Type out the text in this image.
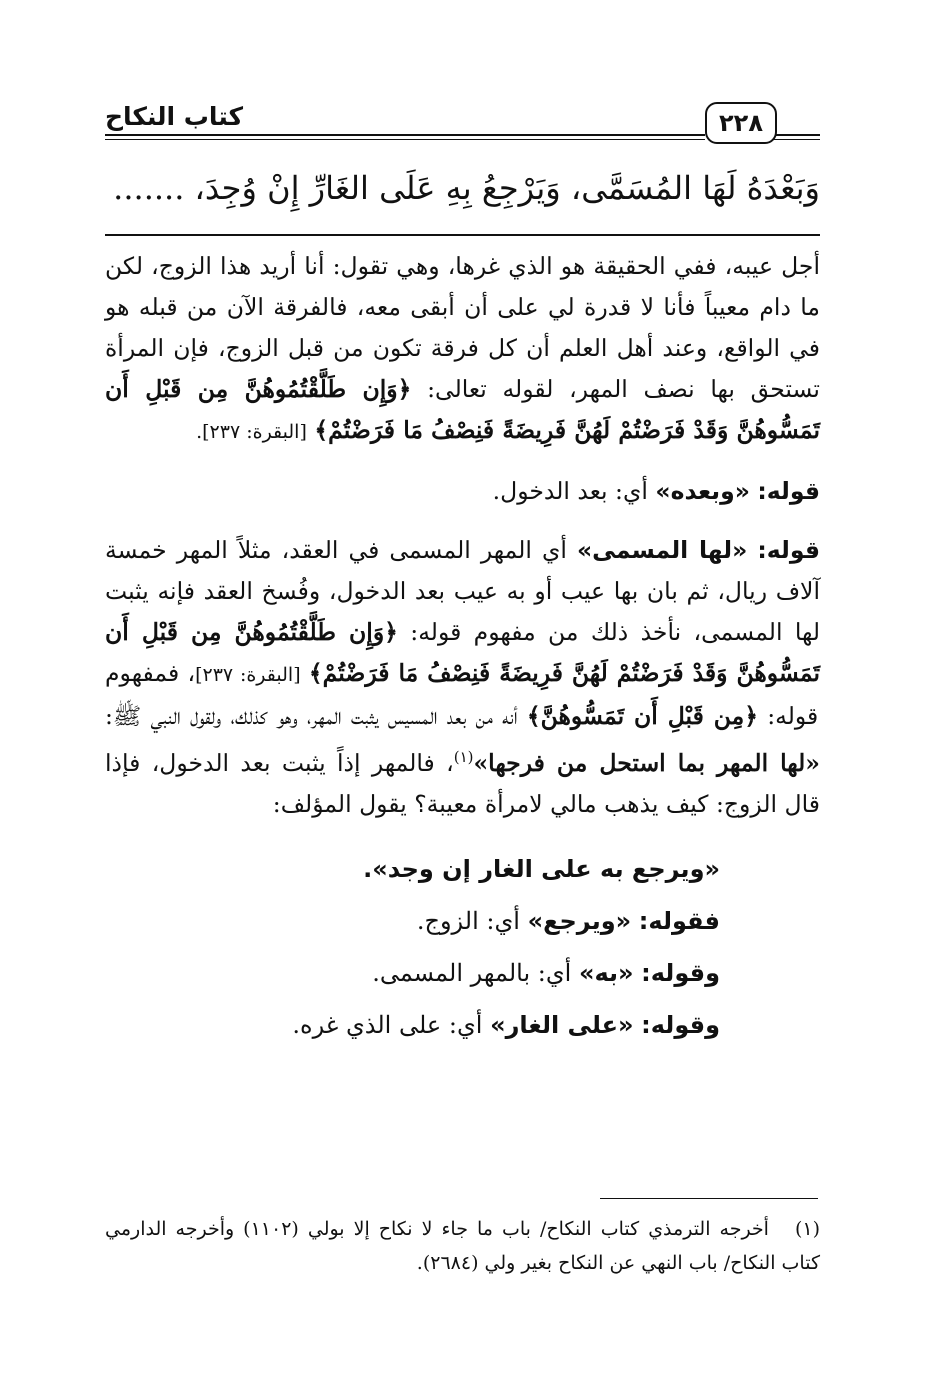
كتاب النكاح	٢٢٨
وَبَعْدَهُ لَهَا المُسَمَّى، وَيَرْجِعُ بِهِ عَلَى الغَارِّ إِنْ وُجِدَ، .......

أجل عيبه، ففي الحقيقة هو الذي غرها، وهي تقول: أنا أريد هذا الزوج، لكن ما دام معيباً فأنا لا قدرة لي على أن أبقى معه، فالفرقة الآن من قبله هو في الواقع، وعند أهل العلم أن كل فرقة تكون من قبل الزوج، فإن المرأة تستحق بها نصف المهر، لقوله تعالى: ﴿وَإِن طَلَّقْتُمُوهُنَّ مِن قَبْلِ أَن تَمَسُّوهُنَّ وَقَدْ فَرَضْتُمْ لَهُنَّ فَرِيضَةً فَنِصْفُ مَا فَرَضْتُمْ﴾ [البقرة: ٢٣٧].

قوله: «وبعده» أي: بعد الدخول.

قوله: «لها المسمى» أي المهر المسمى في العقد، مثلاً المهر خمسة آلاف ريال، ثم بان بها عيب أو به عيب بعد الدخول، وفُسخ العقد فإنه يثبت لها المسمى، نأخذ ذلك من مفهوم قوله: ﴿وَإِن طَلَّقْتُمُوهُنَّ مِن قَبْلِ أَن تَمَسُّوهُنَّ وَقَدْ فَرَضْتُمْ لَهُنَّ فَرِيضَةً فَنِصْفُ مَا فَرَضْتُمْ﴾ [البقرة: ٢٣٧]، فمفهوم قوله: ﴿مِن قَبْلِ أَن تَمَسُّوهُنَّ﴾ أنه من بعد المسيس يثبت المهر، وهو كذلك، ولقول النبي ﷺ: «لها المهر بما استحل من فرجها»$^{(١)}$، فالمهر إذاً يثبت بعد الدخول، فإذا قال الزوج: كيف يذهب مالي لامرأة معيبة؟ يقول المؤلف:

«ويرجع به على الغار إن وجد».

فقوله: «ويرجع» أي: الزوج.

وقوله: «به» أي: بالمهر المسمى.

وقوله: «على الغار» أي: على الذي غره.

(١) أخرجه الترمذي كتاب النكاح/ باب ما جاء لا نكاح إلا بولي (١١٠٢) وأخرجه الدارمي كتاب النكاح/ باب النهي عن النكاح بغير ولي (٢٦٨٤).
